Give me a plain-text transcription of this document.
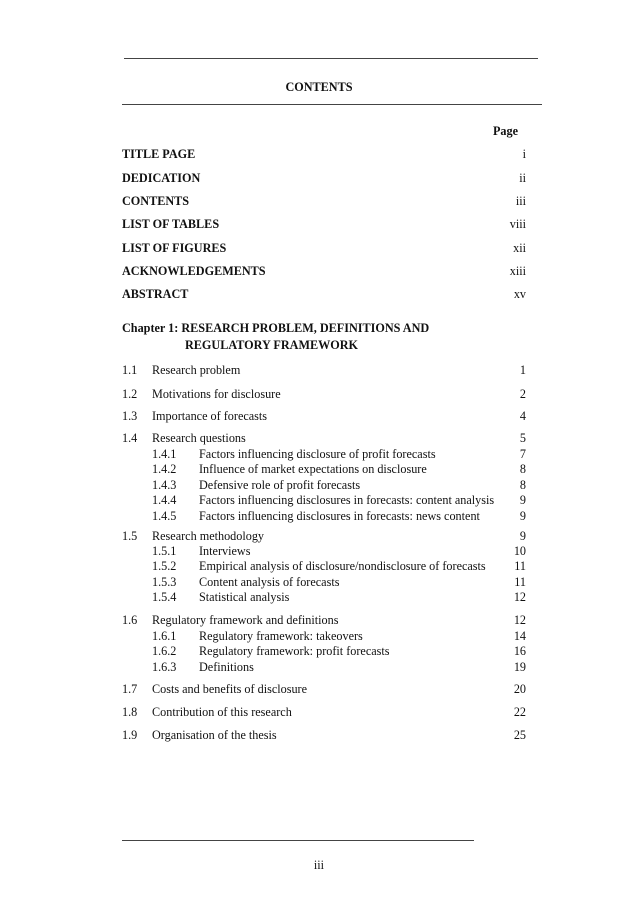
CONTENTS
Page
TITLE PAGE	i
DEDICATION	ii
CONTENTS	iii
LIST OF TABLES	viii
LIST OF FIGURES	xii
ACKNOWLEDGEMENTS	xiii
ABSTRACT	xv
Chapter 1: RESEARCH PROBLEM, DEFINITIONS AND
REGULATORY FRAMEWORK
1.1 Research problem	1
1.2 Motivations for disclosure	2
1.3 Importance of forecasts	4
1.4 Research questions	5
1.4.1 Factors influencing disclosure of profit forecasts	7
1.4.2 Influence of market expectations on disclosure	8
1.4.3 Defensive role of profit forecasts	8
1.4.4 Factors influencing disclosures in forecasts: content analysis 9
1.4.5 Factors influencing disclosures in forecasts: news content	9
1.5 Research methodology	9
1.5.1 Interviews	10
1.5.2 Empirical analysis of disclosure/nondisclosure of forecasts 11
1.5.3 Content analysis of forecasts	11
1.5.4 Statistical analysis	12
1.6 Regulatory framework and definitions	12
1.6.1 Regulatory framework: takeovers	14
1.6.2 Regulatory framework: profit forecasts	16
1.6.3 Definitions	19
1.7 Costs and benefits of disclosure	20
1.8 Contribution of this research	22
1.9 Organisation of the thesis	25
iii
